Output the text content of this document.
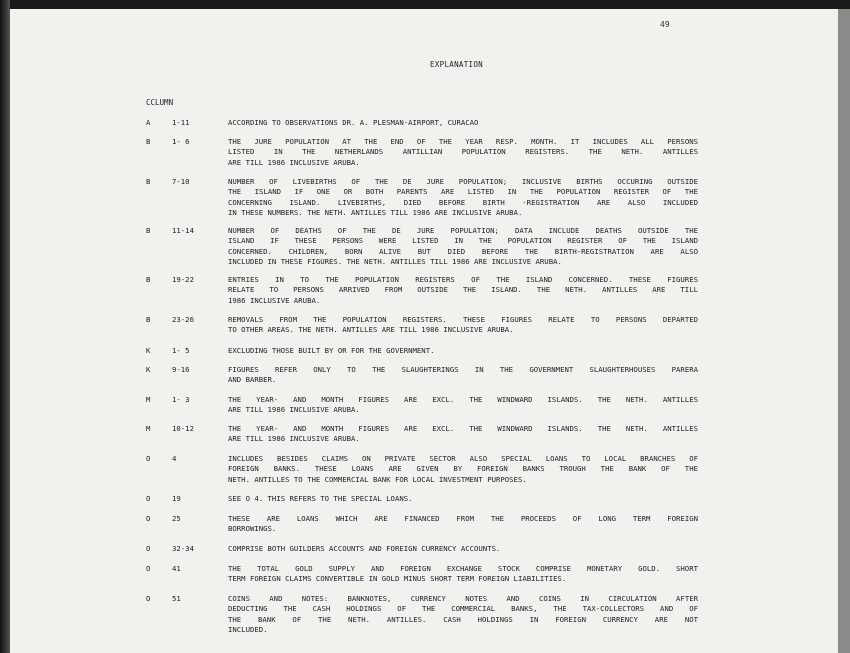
49
EXPLANATION
CCLUMN
A	1-11	ACCORDING TO OBSERVATIONS DR. A. PLESMAN-AIRPORT, CURACAO
B	1- 6	THE JURE POPULATION AT THE END OF THE YEAR RESP. MONTH. IT INCLUDES ALL PERSONS
LISTED IN THE NETHERLANDS ANTILLIAN POPULATION REGISTERS. THE NETH. ANTILLES
ARE TILL 1986 INCLUSIVE ARUBA.
B	7-10	NUMBER OF LIVEBIRTHS OF THE DE JURE POPULATION; INCLUSIVE BIRTHS OCCURING OUTSIDE
THE ISLAND IF ONE OR BOTH PARENTS ARE LISTED IN THE POPULATION REGISTER OF THE
CONCERNING ISLAND. LIVEBIRTHS, DIED BEFORE BIRTH -REGISTRATION ARE ALSO INCLUDED
IN THESE NUMBERS. THE NETH. ANTILLES TILL 1986 ARE INCLUSIVE ARUBA.
B	11-14	NUMBER OF DEATHS OF THE DE JURE POPULATION; DATA INCLUDE DEATHS OUTSIDE THE
ISLAND IF THESE PERSONS WERE LISTED IN THE POPULATION REGISTER OF THE ISLAND
CONCERNED. CHILDREN, BORN ALIVE BUT DIED BEFORE THE BIRTH-REGISTRATION ARE ALSO
INCLUDED IN THESE FIGURES. THE NETH. ANTILLES TILL 1986 ARE INCLUSIVE ARUBA.
B	19-22	ENTRIES IN TO THE POPULATION REGISTERS OF THE ISLAND CONCERNED. THESE FIGURES
RELATE TO PERSONS ARRIVED FROM OUTSIDE THE ISLAND. THE NETH. ANTILLES ARE TILL
1986 INCLUSIVE ARUBA.
B	23-26	REMOVALS FROM THE POPULATION REGISTERS. THESE FIGURES RELATE TO PERSONS DEPARTED
TO OTHER AREAS. THE NETH. ANTILLES ARE TILL 1986 INCLUSIVE ARUBA.
K	1- 5	EXCLUDING THOSE BUILT BY OR FOR THE GOVERNMENT.
K	9-16	FIGURES REFER ONLY TO THE SLAUGHTERINGS IN THE GOVERNMENT SLAUGHTERHOUSES PARERA
AND BARBER.
M	1- 3	THE YEAR- AND MONTH FIGURES ARE EXCL. THE WINDWARD ISLANDS. THE NETH. ANTILLES
ARE TILL 1986 INCLUSIVE ARUBA.
M	10-12	THE YEAR- AND MONTH FIGURES ARE EXCL. THE WINDWARD ISLANDS. THE NETH. ANTILLES
ARE TILL 1986 INCLUSIVE ARUBA.
O	4	INCLUDES BESIDES CLAIMS ON PRIVATE SECTOR ALSO SPECIAL LOANS TO LOCAL BRANCHES OF
FOREIGN BANKS. THESE LOANS ARE GIVEN BY FOREIGN BANKS TROUGH THE BANK OF THE
NETH. ANTILLES TO THE COMMERCIAL BANK FOR LOCAL INVESTMENT PURPOSES.
O	19	SEE O 4. THIS REFERS TO THE SPECIAL LOANS.
O	25	THESE ARE LOANS WHICH ARE FINANCED FROM THE PROCEEDS OF LONG TERM FOREIGN
BORROWINGS.
O	32-34	COMPRISE BOTH GUILDERS ACCOUNTS AND FOREIGN CURRENCY ACCOUNTS.
O	41	THE TOTAL GOLD SUPPLY AND FOREIGN EXCHANGE STOCK COMPRISE MONETARY GOLD. SHORT
TERM FOREIGN CLAIMS CONVERTIBLE IN GOLD MINUS SHORT TERM FOREIGN LIABILITIES.
O	51	COINS AND NOTES: BANKNOTES, CURRENCY NOTES AND COINS IN CIRCULATION AFTER
DEDUCTING THE CASH HOLDINGS OF THE COMMERCIAL BANKS, THE TAX-COLLECTORS AND OF
THE BANK OF THE NETH. ANTILLES. CASH HOLDINGS IN FOREIGN CURRENCY ARE NOT
INCLUDED.
